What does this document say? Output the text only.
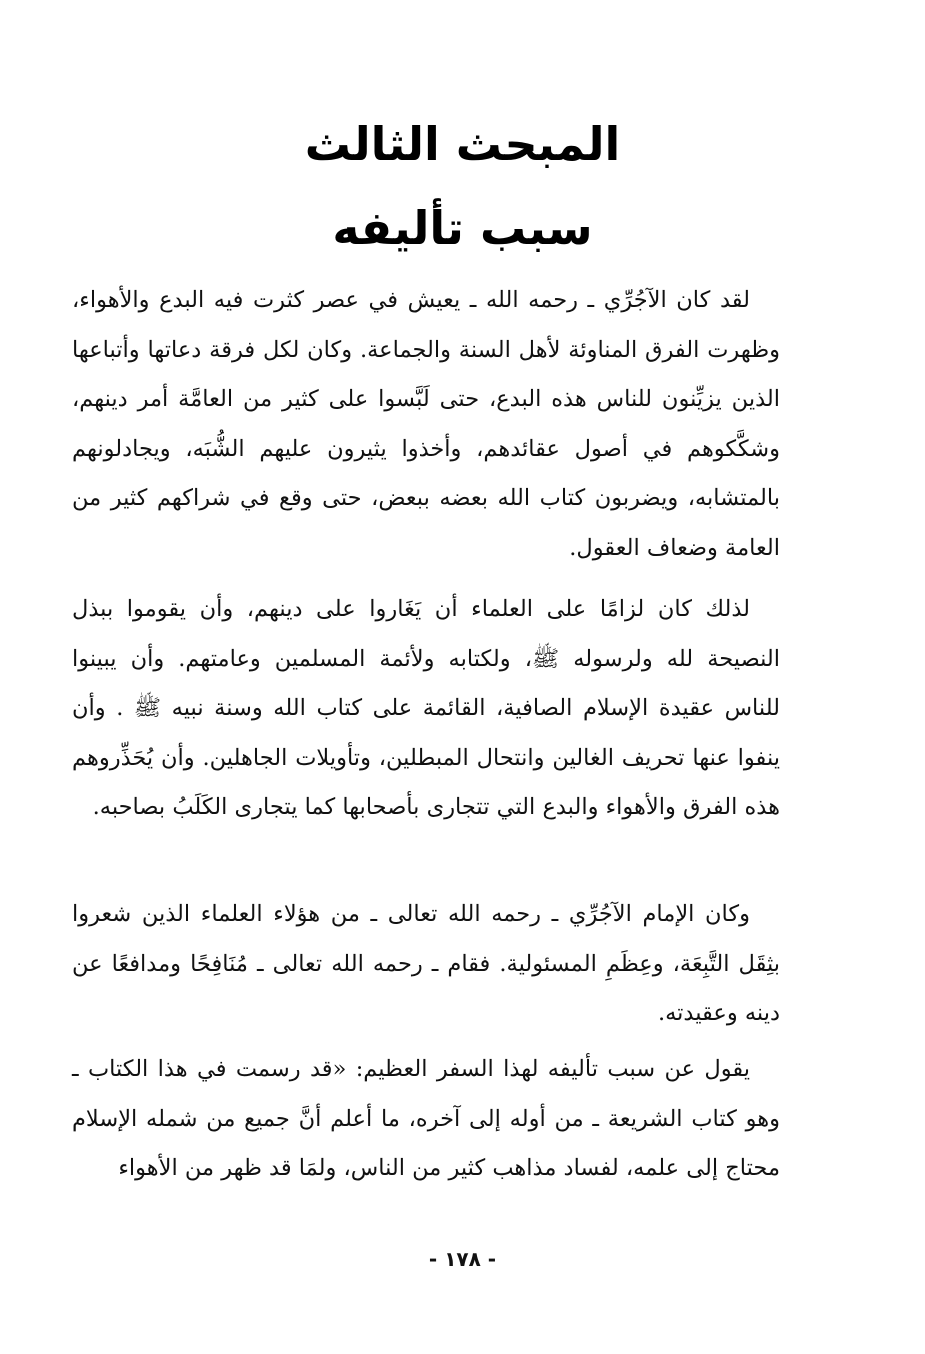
المبحث الثالث
سبب تأليفه

لقد كان الآجُرِّي ـ رحمه الله ـ يعيش في عصر كثرت فيه البدع والأهواء، وظهرت الفرق المناوئة لأهل السنة والجماعة. وكان لكل فرقة دعاتها وأتباعها الذين يزيِّنون للناس هذه البدع، حتى لَبَّسوا على كثير من العامَّة أمر دينهم، وشكَّكوهم في أصول عقائدهم، وأخذوا يثيرون عليهم الشُّبَه، ويجادلونهم بالمتشابه، ويضربون كتاب الله بعضه ببعض، حتى وقع في شراكهم كثير من العامة وضعاف العقول.

لذلك كان لزامًا على العلماء أن يَغَاروا على دينهم، وأن يقوموا ببذل النصيحة لله ولرسوله ﷺ، ولكتابه ولأئمة المسلمين وعامتهم. وأن يبينوا للناس عقيدة الإسلام الصافية، القائمة على كتاب الله وسنة نبيه ﷺ . وأن ينفوا عنها تحريف الغالين وانتحال المبطلين، وتأويلات الجاهلين. وأن يُحَذِّروهم هذه الفرق والأهواء والبدع التي تتجارى بأصحابها كما يتجارى الكَلَبُ بصاحبه.

وكان الإمام الآجُرِّي ـ رحمه الله تعالى ـ من هؤلاء العلماء الذين شعروا بثِقَل التَّبِعَة، وعِظَمِ المسئولية. فقام ـ رحمه الله تعالى ـ مُنَافِحًا ومدافعًا عن دينه وعقيدته.

يقول عن سبب تأليفه لهذا السفر العظيم: «قد رسمت في هذا الكتاب ـ وهو كتاب الشريعة ـ من أوله إلى آخره، ما أعلم أنَّ جميع من شمله الإسلام محتاج إلى علمه، لفساد مذاهب كثير من الناس، ولمَا قد ظهر من الأهواء

- ١٧٨ -
